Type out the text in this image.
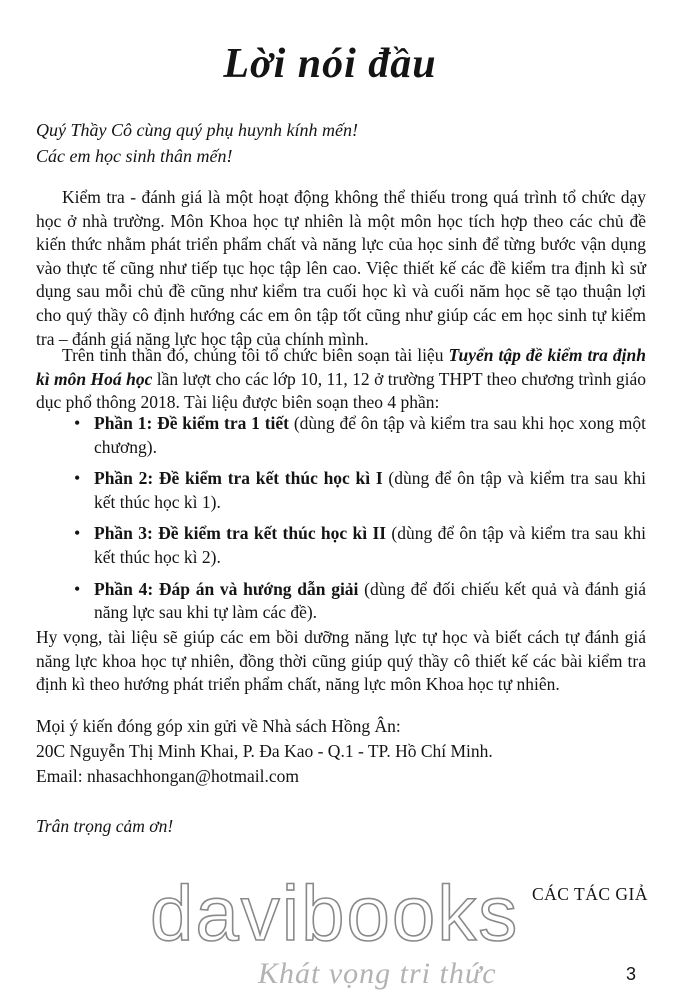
Lời nói đầu
Quý Thầy Cô cùng quý phụ huynh kính mến!
Các em học sinh thân mến!

Kiểm tra - đánh giá là một hoạt động không thể thiếu trong quá trình tổ chức dạy học ở nhà trường. Môn Khoa học tự nhiên là một môn học tích hợp theo các chủ đề kiến thức nhằm phát triển phẩm chất và năng lực của học sinh để từng bước vận dụng vào thực tế cũng như tiếp tục học tập lên cao. Việc thiết kế các đề kiểm tra định kì sử dụng sau mỗi chủ đề cũng như kiểm tra cuối học kì và cuối năm học sẽ tạo thuận lợi cho quý thầy cô định hướng các em ôn tập tốt cũng như giúp các em học sinh tự kiểm tra – đánh giá năng lực học tập của chính mình.

Trên tinh thần đó, chúng tôi tổ chức biên soạn tài liệu Tuyển tập đề kiểm tra định kì môn Hoá học lần lượt cho các lớp 10, 11, 12 ở trường THPT theo chương trình giáo dục phổ thông 2018. Tài liệu được biên soạn theo 4 phần:

• Phần 1: Đề kiểm tra 1 tiết (dùng để ôn tập và kiểm tra sau khi học xong một chương).
• Phần 2: Đề kiểm tra kết thúc học kì I (dùng để ôn tập và kiểm tra sau khi kết thúc học kì 1).
• Phần 3: Đề kiểm tra kết thúc học kì II (dùng để ôn tập và kiểm tra sau khi kết thúc học kì 2).
• Phần 4: Đáp án và hướng dẫn giải (dùng để đối chiếu kết quả và đánh giá năng lực sau khi tự làm các đề).

Hy vọng, tài liệu sẽ giúp các em bồi dưỡng năng lực tự học và biết cách tự đánh giá năng lực khoa học tự nhiên, đồng thời cũng giúp quý thầy cô thiết kế các bài kiểm tra định kì theo hướng phát triển phẩm chất, năng lực môn Khoa học tự nhiên.

Mọi ý kiến đóng góp xin gửi về Nhà sách Hồng Ân:
20C Nguyễn Thị Minh Khai, P. Đa Kao - Q.1 - TP. Hồ Chí Minh.
Email: nhasachhongan@hotmail.com
Trân trọng cảm ơn!
davibooks
Khát vọng tri thức
CÁC TÁC GIẢ
3
